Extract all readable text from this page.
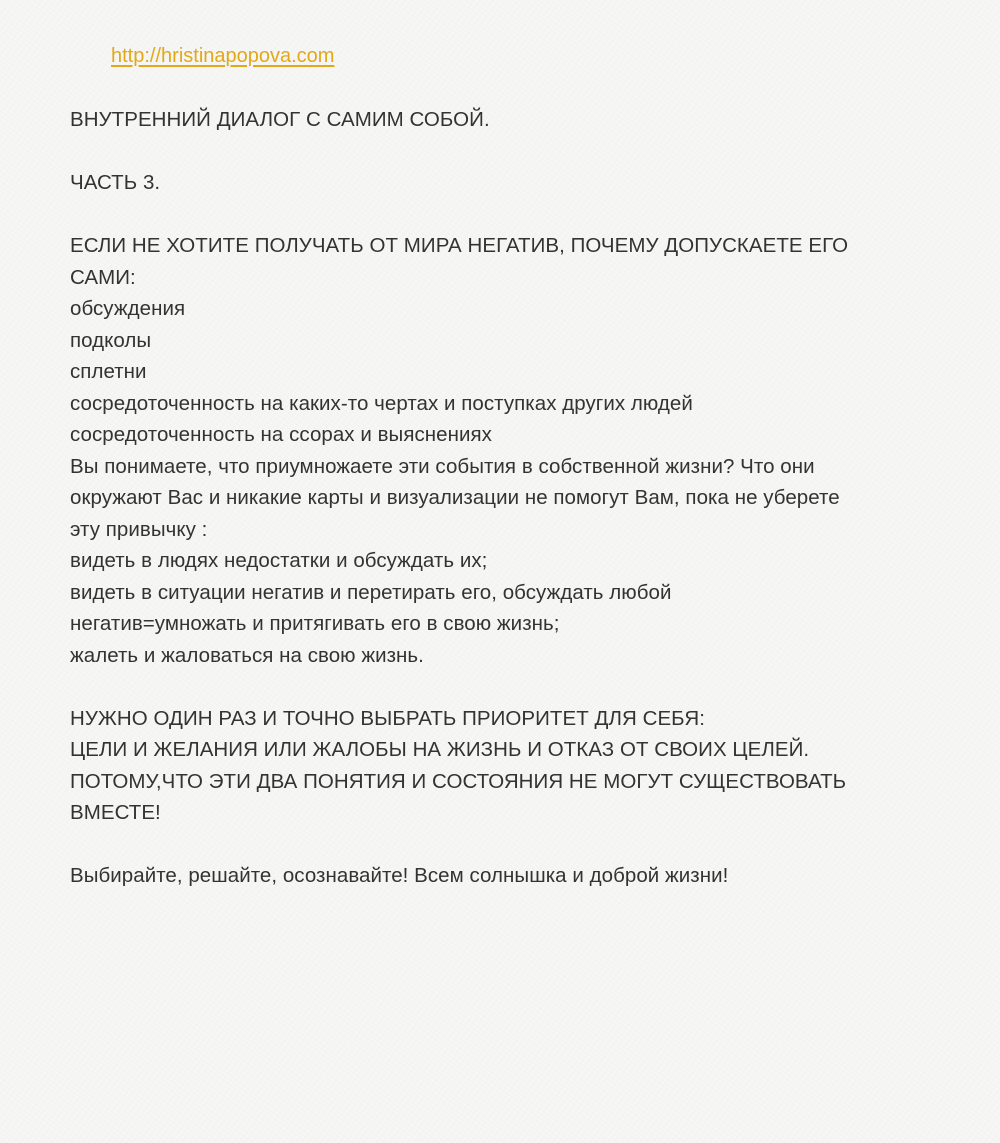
http://hristinapopova.com
ВНУТРЕННИЙ ДИАЛОГ С САМИМ СОБОЙ.
ЧАСТЬ 3.
ЕСЛИ НЕ ХОТИТЕ ПОЛУЧАТЬ ОТ МИРА НЕГАТИВ, ПОЧЕМУ ДОПУСКАЕТЕ ЕГО
САМИ:
обсуждения
подколы
сплетни
сосредоточенность на каких-то чертах и поступках других людей
сосредоточенность на ссорах и выяснениях
Вы понимаете, что приумножаете эти события в собственной жизни? Что они
окружают Вас и никакие карты и визуализации не помогут Вам, пока не уберете
эту привычку :
видеть в людях недостатки и обсуждать их;
видеть в ситуации негатив и перетирать его, обсуждать любой
негатив=умножать и притягивать его в свою жизнь;
жалеть и жаловаться на свою жизнь.
НУЖНО ОДИН РАЗ И ТОЧНО ВЫБРАТЬ ПРИОРИТЕТ ДЛЯ СЕБЯ:
ЦЕЛИ И ЖЕЛАНИЯ ИЛИ ЖАЛОБЫ НА ЖИЗНЬ И ОТКАЗ ОТ СВОИХ ЦЕЛЕЙ.
ПОТОМУ,ЧТО ЭТИ ДВА ПОНЯТИЯ И СОСТОЯНИЯ НЕ МОГУТ СУЩЕСТВОВАТЬ
ВМЕСТЕ!
Выбирайте, решайте, осознавайте! Всем солнышка и доброй жизни!
